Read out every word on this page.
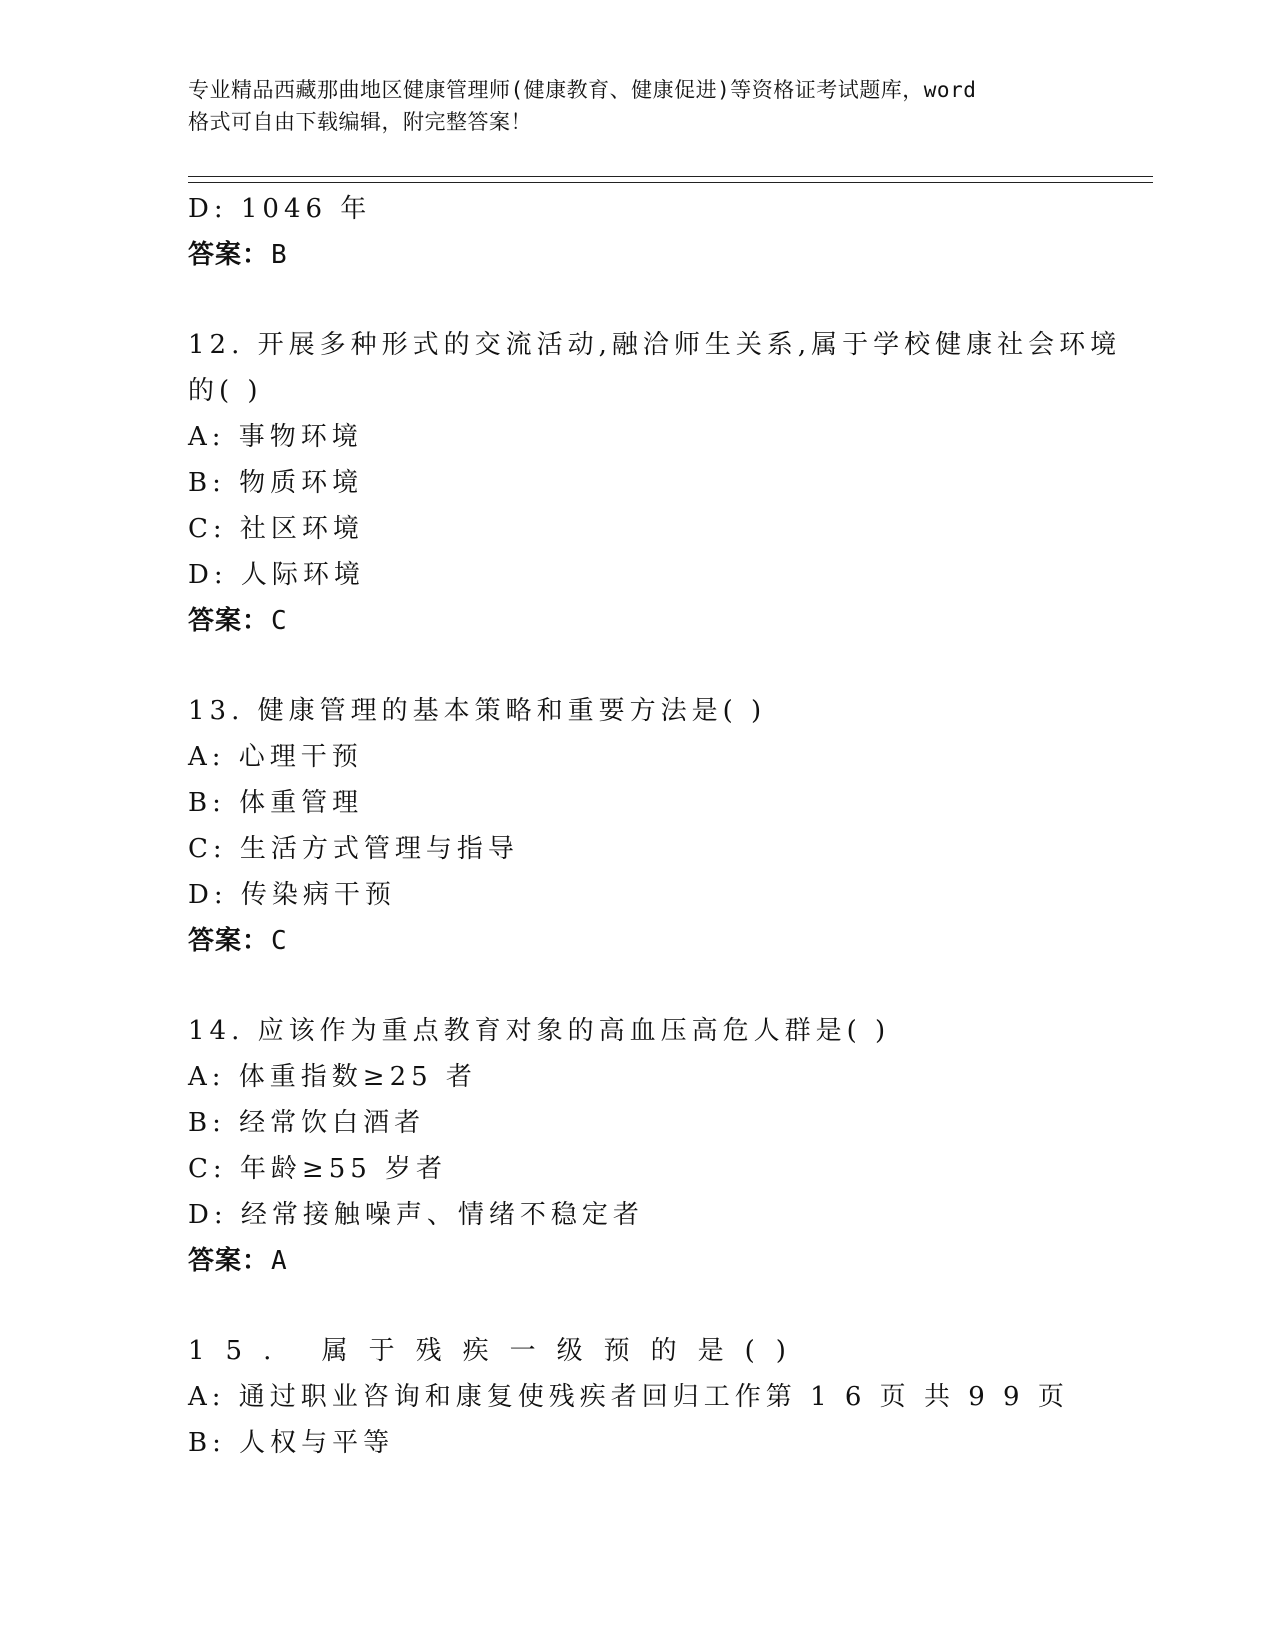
专业精品西藏那曲地区健康管理师(健康教育、健康促进)等资格证考试题库，word
格式可自由下载编辑，附完整答案！
D: 1046 年
答案：B
12. 开展多种形式的交流活动,融洽师生关系,属于学校健康社会环境
的( )
A: 事物环境
B: 物质环境
C: 社区环境
D: 人际环境
答案：C
13. 健康管理的基本策略和重要方法是( )
A: 心理干预
B: 体重管理
C: 生活方式管理与指导
D: 传染病干预
答案：C
14. 应该作为重点教育对象的高血压高危人群是( )
A: 体重指数≥25 者
B: 经常饮白酒者
C: 年龄≥55 岁者
D: 经常接触噪声、情绪不稳定者
答案：A
15. 属于残疾一级预的是()
A: 通过职业咨询和康复使残疾者回归工作第 1 6 页 共 9 9 页
B: 人权与平等
